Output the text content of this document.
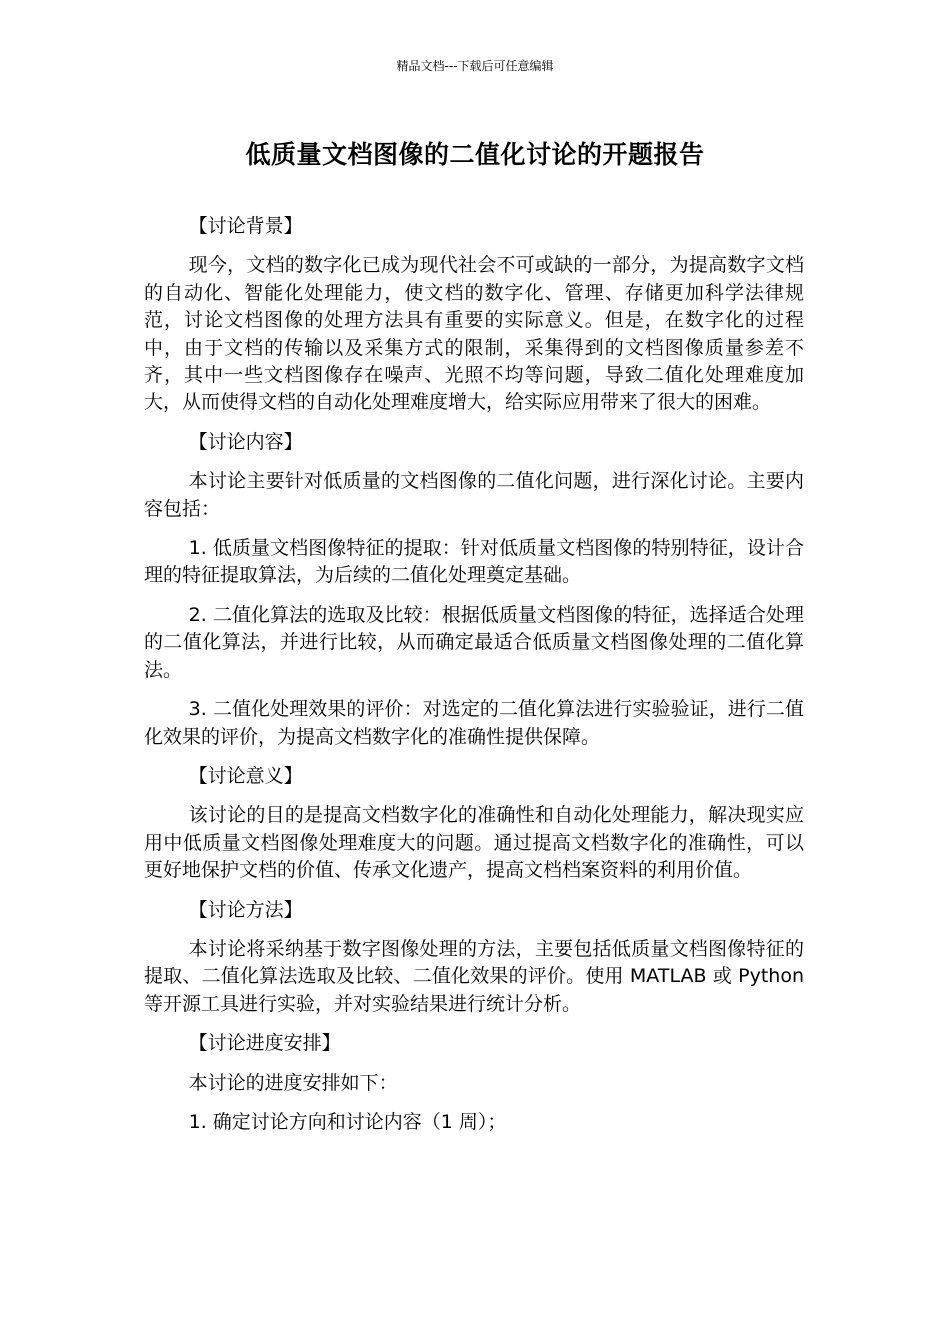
精品文档---下载后可任意编辑
低质量文档图像的二值化讨论的开题报告

【讨论背景】

现今，文档的数字化已成为现代社会不可或缺的一部分，为提高数字文档的自动化、智能化处理能力，使文档的数字化、管理、存储更加科学法律规范，讨论文档图像的处理方法具有重要的实际意义。但是，在数字化的过程中，由于文档的传输以及采集方式的限制，采集得到的文档图像质量参差不齐，其中一些文档图像存在噪声、光照不均等问题，导致二值化处理难度加大，从而使得文档的自动化处理难度增大，给实际应用带来了很大的困难。

【讨论内容】

本讨论主要针对低质量的文档图像的二值化问题，进行深化讨论。主要内容包括：

1. 低质量文档图像特征的提取：针对低质量文档图像的特别特征，设计合理的特征提取算法，为后续的二值化处理奠定基础。

2. 二值化算法的选取及比较：根据低质量文档图像的特征，选择适合处理的二值化算法，并进行比较，从而确定最适合低质量文档图像处理的二值化算法。

3. 二值化处理效果的评价：对选定的二值化算法进行实验验证，进行二值化效果的评价，为提高文档数字化的准确性提供保障。

【讨论意义】

该讨论的目的是提高文档数字化的准确性和自动化处理能力，解决现实应用中低质量文档图像处理难度大的问题。通过提高文档数字化的准确性，可以更好地保护文档的价值、传承文化遗产，提高文档档案资料的利用价值。

【讨论方法】

本讨论将采纳基于数字图像处理的方法，主要包括低质量文档图像特征的提取、二值化算法选取及比较、二值化效果的评价。使用 MATLAB 或 Python 等开源工具进行实验，并对实验结果进行统计分析。

【讨论进度安排】

本讨论的进度安排如下：

1. 确定讨论方向和讨论内容（1 周）；
